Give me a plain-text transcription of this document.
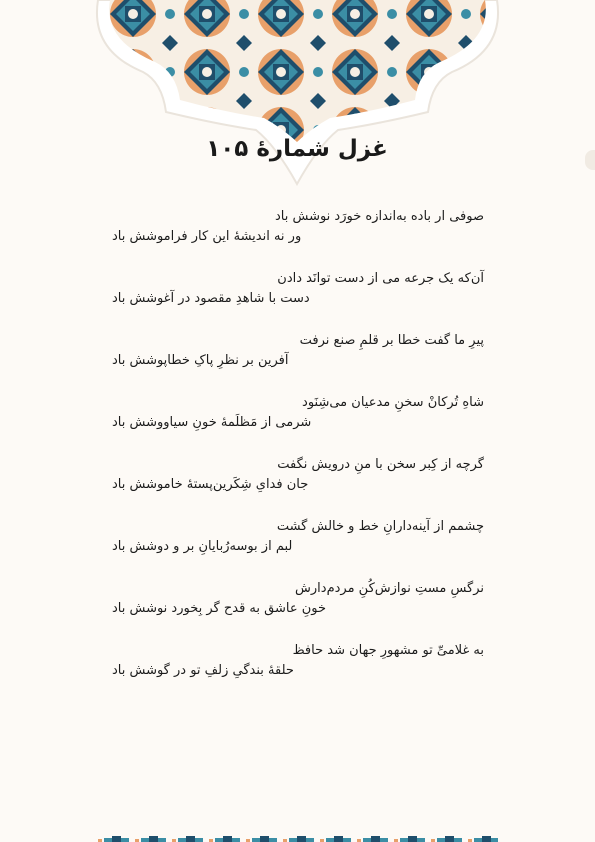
غزل شمارهٔ ۱۰۵
صوفی ار باده به‌اندازه خورَد نوشش باد
ور نه اندیشهٔ این کار فراموشش باد
آن‌که یک جرعه می از دست توانَد دادن
دست با شاهدِ مقصود در آغوشش باد
پیرِ ما گفت خطا بر قلمِ صنع نرفت
آفرین بر نظرِ پاکِ خطاپوشش باد
شاهِ تُرکانْ سخنِ مدعیان می‌شِنَود
شرمی از مَظلَمهٔ خونِ سیاووشش باد
گرچه از کِبر سخن با منِ درویش نگفت
جان فدایِ شِکَرین‌پستهٔ خاموشش باد
چشمم از آینه‌دارانِ خط و خالش گشت
لبم از بوسه‌رُبایانِ بر و دوشش باد
نرگسِ مستِ نوازش‌کُنِ مردم‌دارش
خونِ عاشق به قدح گر بِخورد نوشش باد
به غلامیِّ تو مشهورِ جهان شد حافظ
حلقهٔ بندگیِ زلفِ تو در گوشش باد
